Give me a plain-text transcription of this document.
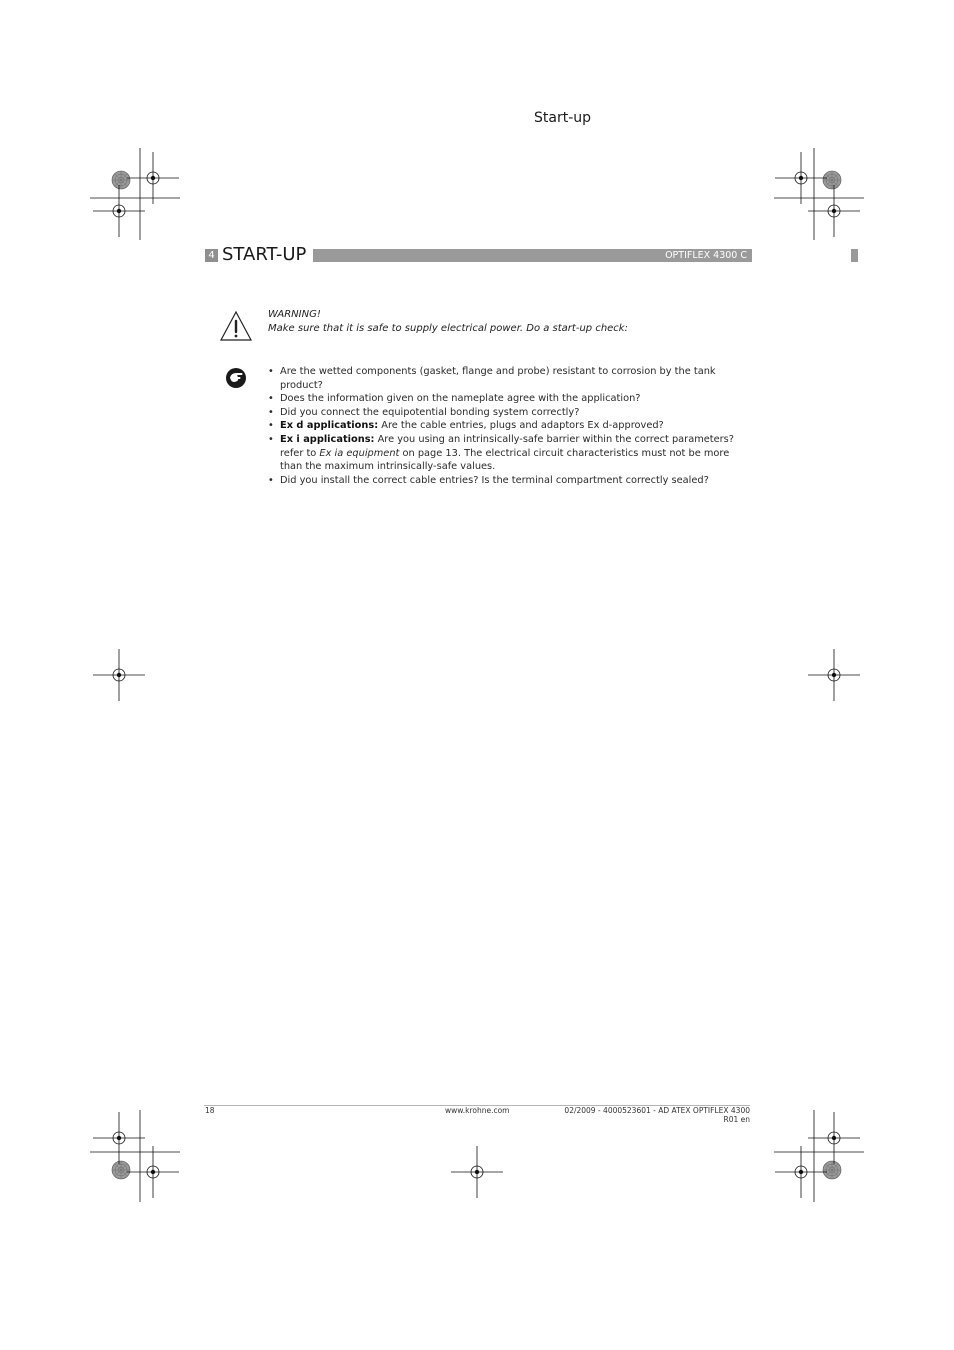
Start-up
4 START-UP	OPTIFLEX 4300 C
WARNING!
Make sure that it is safe to supply electrical power. Do a start-up check:
• Are the wetted components (gasket, flange and probe) resistant to corrosion by the tank product?
• Does the information given on the nameplate agree with the application?
• Did you connect the equipotential bonding system correctly?
• Ex d applications: Are the cable entries, plugs and adaptors Ex d-approved?
• Ex i applications: Are you using an intrinsically-safe barrier within the correct parameters? refer to Ex ia equipment on page 13. The electrical circuit characteristics must not be more than the maximum intrinsically-safe values.
• Did you install the correct cable entries? Is the terminal compartment correctly sealed?
18	www.krohne.com	02/2009 - 4000523601 - AD ATEX OPTIFLEX 4300 R01 en
